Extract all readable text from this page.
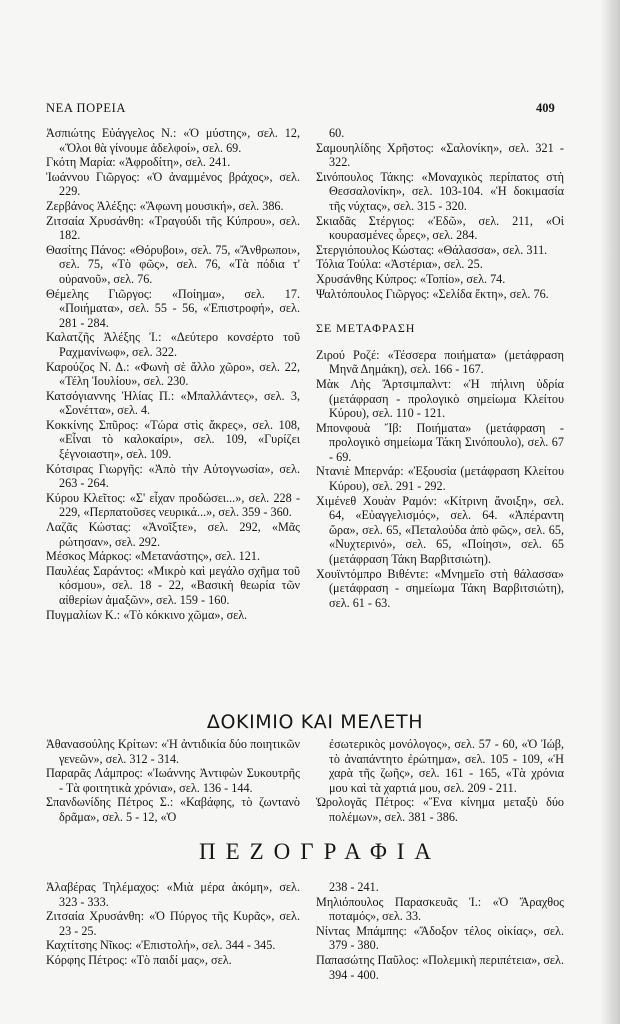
ΝΕΑ ΠΟΡΕΙΑ	409

Ἀσπιώτης Εὐάγγελος Ν.: «Ὁ μύστης», σελ. 12, «Ὅλοι θὰ γίνουμε ἀδελφοί», σελ. 69.

Γκότη Μαρία: «Ἀφροδίτη», σελ. 241.

Ἰωάννου Γιῶργος: «Ὁ ἀναμμένος βράχος», σελ. 229.

Ζερβάνος Ἀλέξης: «Ἄφωνη μουσική», σελ. 386.

Ζιτσαία Χρυσάνθη: «Τραγούδι τῆς Κύπρου», σελ. 182.

Θασίτης Πάνος: «Θόρυβοι», σελ. 75, «Ἄνθρωποι», σελ. 75, «Τὸ φῶς», σελ. 76, «Τὰ πόδια τ' οὐρανοῦ», σελ. 76.

Θέμελης Γιῶργος: «Ποίημα», σελ. 17. «Ποιήματα», σελ. 55 - 56, «Ἐπιστροφή», σελ. 281 - 284.

Καλατζῆς Ἀλέξης Ἰ.: «Δεύτερο κονσέρτο τοῦ Ραχμανίνωφ», σελ. 322.

Καρούζος Ν. Δ.: «Φωνὴ σὲ ἄλλο χῶρο», σελ. 22, «Τέλη Ἰουλίου», σελ. 230.

Κατσόγιαννης Ἠλίας Π.: «Μπαλλάντες», σελ. 3, «Σονέττα», σελ. 4.

Κοκκίνης Σπῦρος: «Τώρα στὶς ἄκρες», σελ. 108, «Εἶναι τὸ καλοκαίρι», σελ. 109, «Γυρίζει ξέγνοιαστη», σελ. 109.

Κότσιρας Γιωργῆς: «Ἀπὸ τὴν Αὐτογνωσία», σελ. 263 - 264.

Κύρου Κλεῖτος: «Σ' εἶχαν προδώσει...», σελ. 228 - 229, «Περπατοῦσες νευρικά...», σελ. 359 - 360.

Λαζᾶς Κώστας: «Ἀνοῖξτε», σελ. 292, «Μᾶς ρώτησαν», σελ. 292.

Μέσκος Μάρκος: «Μετανάστης», σελ. 121.

Παυλέας Σαράντος: «Μικρὸ καὶ μεγάλο σχῆμα τοῦ κόσμου», σελ. 18 - 22, «Βασικὴ θεωρία τῶν αἰθερίων ἁμαξῶν», σελ. 159 - 160.

Πυγμαλίων Κ.: «Τὸ κόκκινο χῶμα», σελ.

60.

Σαμουηλίδης Χρῆστος: «Σαλονίκη», σελ. 321 - 322.

Σινόπουλος Τάκης: «Μοναχικὸς περίπατος στὴ Θεσσαλονίκη», σελ. 103-104. «Ἡ δοκιμασία τῆς νύχτας», σελ. 315 - 320.

Σκιαδᾶς Στέργιος: «Ἐδῶ», σελ. 211, «Οἱ κουρασμένες ὧρες», σελ. 284.

Στεργιόπουλος Κώστας: «Θάλασσα», σελ. 311.

Τόλια Τούλα: «Ἀστέρια», σελ. 25.

Χρυσάνθης Κύπρος: «Τοπίο», σελ. 74.

Ψαλτόπουλος Γιῶργος: «Σελίδα ἕκτη», σελ. 76.

ΣΕ ΜΕΤΑΦΡΑΣΗ

Ζιρού Ροζέ: «Τέσσερα ποιήματα» (μετάφραση Μηνᾶ Δημάκη), σελ. 166 - 167.

Μὰκ Λὴς Ἄρτσιμπαλντ: «Ἡ πήλινη ὑδρία (μετάφραση - προλογικὸ σημείωμα Κλείτου Κύρου), σελ. 110 - 121.

Μπονφουὰ Ἴβ: Ποιήματα» (μετάφραση - προλογικὸ σημείωμα Τάκη Σινόπουλο), σελ. 67 - 69.

Ντανιὲ Μπερνάρ: «Ἐξουσία (μετάφραση Κλείτου Κύρου), σελ. 291 - 292.

Χιμένεθ Χουὰν Ραμόν: «Κίτρινη ἄνοιξη», σελ. 64, «Εὐαγγελισμός», σελ. 64. «Ἀπέραντη ὥρα», σελ. 65, «Πεταλούδα ἀπὸ φῶς», σελ. 65, «Νυχτερινό», σελ. 65, «Ποίησι», σελ. 65 (μετάφραση Τάκη Βαρβιτσιώτη).

Χουϊντόμπρο Βιθέντε: «Μνημεῖο στὴ θάλασσα» (μετάφραση - σημείωμα Τάκη Βαρβιτσιώτη), σελ. 61 - 63.

ΔΟΚΙΜΙΟ ΚΑΙ ΜΕΛΕΤΗ

Ἀθανασούλης Κρίτων: «Ἡ ἀντιδικία δύο ποιητικῶν γενεῶν», σελ. 312 - 314.

Παραρᾶς Λάμπρος: «Ἰωάννης Ἀντιφὼν Συκουτρῆς - Τὰ φοιτητικὰ χρόνια», σελ. 136 - 144.

Σπανδωνίδης Πέτρος Σ.: «Καβάφης, τὸ ζωντανὸ δρᾶμα», σελ. 5 - 12, «Ὁ

ἐσωτερικὸς μονόλογος», σελ. 57 - 60, «Ὁ Ἰώβ, τὸ ἀναπάντητο ἐρώτημα», σελ. 105 - 109, «Ἡ χαρὰ τῆς ζωῆς», σελ. 161 - 165, «Τὰ χρόνια μου καὶ τὰ χαρτιά μου, σελ. 209 - 211.

Ὡρολογᾶς Πέτρος: «Ἕνα κίνημα μεταξὺ δύο πολέμων», σελ. 381 - 386.

ΠΕΖΟΓΡΑΦΙΑ

Ἀλαβέρας Τηλέμαχος: «Μιὰ μέρα ἀκόμη», σελ. 323 - 333.

Ζιτσαία Χρυσάνθη: «Ὁ Πύργος τῆς Κυρᾶς», σελ. 23 - 25.

Καχτίτσης Νῖκος: «Ἐπιστολή», σελ. 344 - 345.

Κόρφης Πέτρος: «Τὸ παιδί μας», σελ.

238 - 241.

Μηλιόπουλος Παρασκευᾶς Ἰ.: «Ὁ Ἄραχθος ποταμός», σελ. 33.

Νίντας Μπάμπης: «Ἄδοξον τέλος οἰκίας», σελ. 379 - 380.

Παπασώτης Παῦλος: «Πολεμικὴ περιπέτεια», σελ. 394 - 400.
